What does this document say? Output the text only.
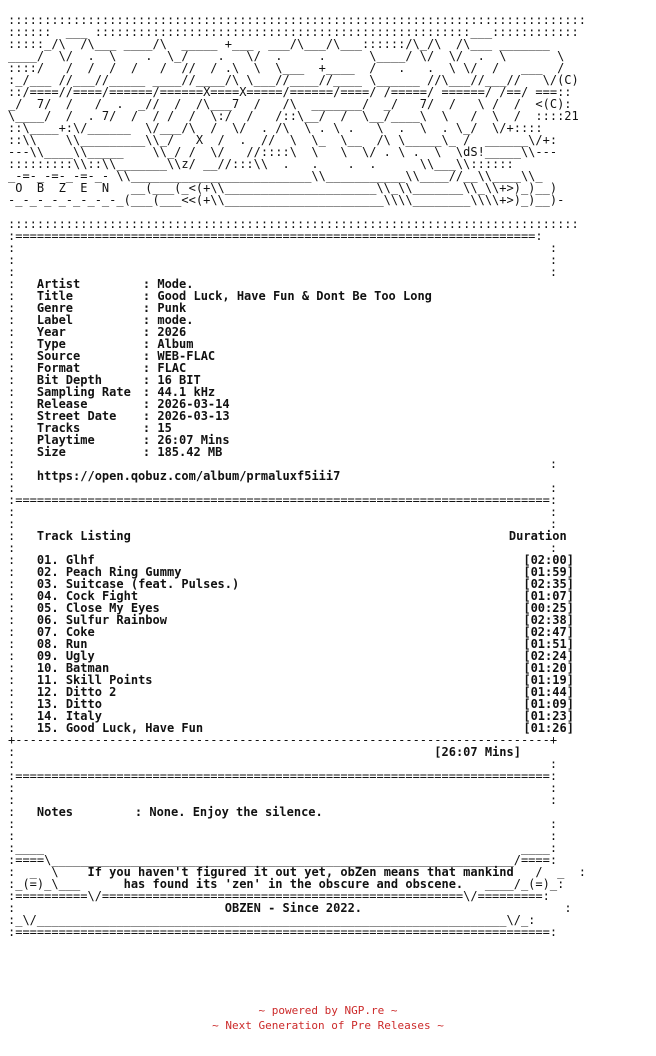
::::::::::::::::::::::::::::::::::::::::::::::::::::::::::::::::::::::::::::::::
::::::  ___ ::::::::::::::::::::::::::::::::::::::::::::::::::::___::::::::::::
:::::_/\  /\___ ____/\  _____ +___  ___/\___/\___::::::/\_/\  /\___ _______
____/  \/  .  \    .  \_/    .   \/  .     .      \____/ \/  \/  .  \       \
::::/   /  /  /  /   /  //  / .\  \  \___  +____  /   .   .  \ \/  /   ___  /
:_/___ //___//_____ ____//____/\ \___//____//____ \______ //\___//___//   \/(C)
::/====//====/======/======X====X=====/======/====/ /=====/ ======/ /==/ ===::
_/  7/  /   /  .  _//  /  /\___7  /   /\  _______/  _/   7/  /   \ /  /  <(C):
\____/  /  . 7/  /  / /  /  \:/  /   /::\__/  /  \__/____\  \   /  \  /  ::::21
::\____+:\/______  \/___/\  /  \/  . /\  \ . \ .   \  .  \  . \_/  \/+::::
::\\    \\_________\\_/   X  /  .  //  \  \_  \__  /\ \_____\_ /  ______\/+:
---\\____\\_____    \\_/ /  \/   //::::\  \   \  \/ . \ .  \  \dS!_____\\---
:::::::::\\::\\_______\\z/ __//:::\\  .   .    .  .      \\___\\::::::
_-=-_-=-_-=-_- \\_________________________\\___________\\____//__\\____\\_
O  B  Z  E  N   __(___(_<(+\\_____________________\\_\\_______\\_\\+>)_)__)
-_-_-_-_-_-_-_-_(___(___<<(+\\______________________\\\\________\\\\+>)_)__)-

:::::::::::::::::::::::::::::::::::::::::::::::::::::::::::::::::::::::::::::::
:========================================================================:

:                                                                          :
:                                                                          :
:                                                                          :
:   Artist	: Mode.
:   Title	: Good Luck, Have Fun & Dont Be Too Long
:   Genre	: Punk
:   Label	: mode.
:   Year	: 2026
:   Type	: Album
:   Source	: WEB-FLAC
:   Format	: FLAC
:   Bit Depth	: 16 BIT
:   Sampling Rate : 44.1 kHz
:   Release	: 2026-03-14
:   Street Date : 2026-03-13
:   Tracks	: 15
:   Playtime	: 26:07 Mins
:   Size	: 185.42 MB
:                                                                          :
:   https://open.qobuz.com/album/prmaluxf5iii7
:                                                                          :
:==========================================================================:
:                                                                          :
:                                                                          :
:   Track Listing	Duration
:                                                                          :
:   01. Glhf	[02:00]
:   02. Peach Ring Gummy	[01:59]
:   03. Suitcase (feat. Pulses.)	[02:35]
:   04. Cock Fight	[01:07]
:   05. Close My Eyes	[00:25]
:   06. Sulfur Rainbow	[02:38]
:   07. Coke	[02:47]
:   08. Run	[01:51]
:   09. Ugly	[02:24]
:   10. Batman	[01:20]
:   11. Skill Points	[01:19]
:   12. Ditto 2	[01:44]
:   13. Ditto	[01:09]
:   14. Italy	[01:23]
:   15. Good Luck, Have Fun	[01:26]
+--------------------------------------------------------------------------+
:                                                          [26:07 Mins]
:                                                                          :
:==========================================================================:
:                                                                          :
:                                                                          :
:   Notes	: None. Enjoy the silence.
:                                                                          :
:                                                                          :
:____                                                                  ____:
:====\________________________________________________________________/====:
:  _  \    If you haven't figured it out yet, obZen means that mankind   /  _  :
:_(=)_\___      has found its 'zen' in the obscure and obscene.   ____/_(=)_:
:==========\/==================================================\/=========:
:                             OBZEN - Since 2022.                            :
:_\/_________________________________________________________________\/_:
:==========================================================================:
~ powered by NGP.re ~
~ Next Generation of Pre Releases ~
